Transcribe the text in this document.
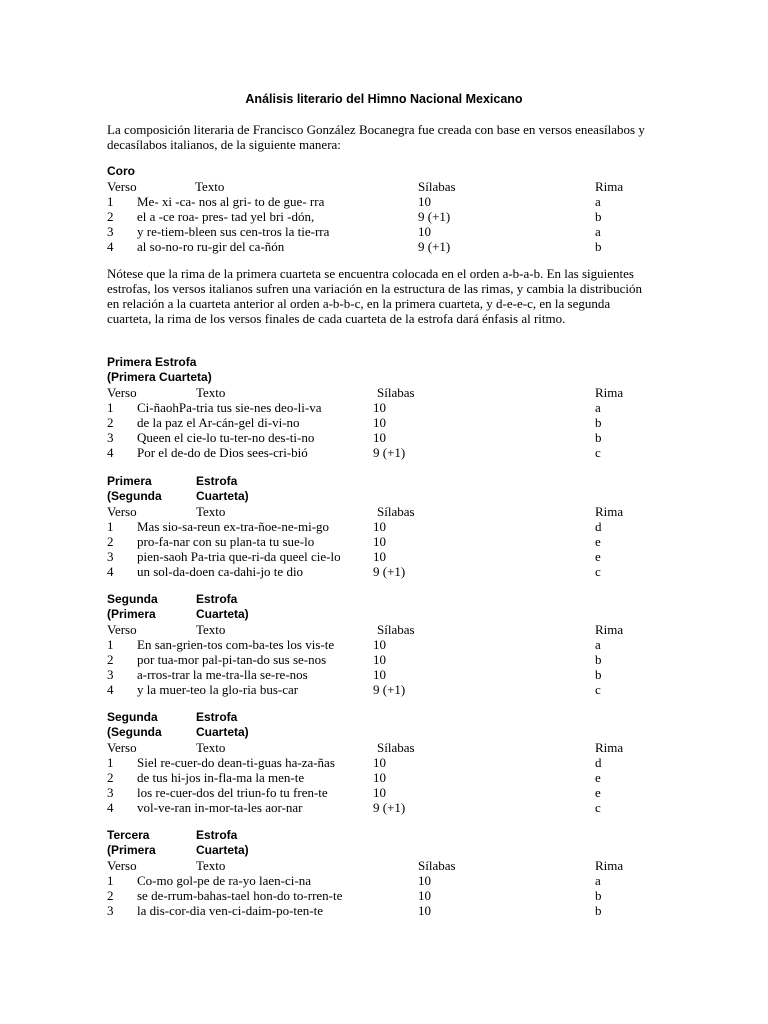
Análisis literario del Himno Nacional Mexicano

La composición literaria de Francisco González Bocanegra fue creada con base en versos eneasílabos y decasílabos italianos, de la siguiente manera:

Coro
Verso	Texto	Sílabas	Rima
1 Me- xi -ca- nos al gri- to de gue- rra	10	a
2 el a -ce roa- pres- tad yel bri -dón,	9 (+1)	b
3 y re-tiem-bleen sus cen-tros la tie-rra	10	a
4 al so-no-ro ru-gir del ca-ñón	9 (+1)	b

Nótese que la rima de la primera cuarteta se encuentra colocada en el orden a-b-a-b. En las siguientes estrofas, los versos italianos sufren una variación en la estructura de las rimas, y cambia la distribución en relación a la cuarteta anterior al orden a-b-b-c, en la primera cuarteta, y d-e-e-c, en la segunda cuarteta, la rima de los versos finales de cada cuarteta de la estrofa dará énfasis al ritmo.

Primera Estrofa
(Primera Cuarteta)
Verso	Texto	Sílabas	Rima
1 Ci-ñaohPa-tria tus sie-nes deo-li-va	10	a
2 de la paz el Ar-cán-gel di-vi-no	10	b
3 Queen el cie-lo tu-ter-no des-ti-no	10	b
4 Por el de-do de Dios sees-cri-bió	9 (+1)	c
Primera	Estrofa
(Segunda	Cuarteta)
Verso	Texto	Sílabas	Rima
1 Mas sio-sa-reun ex-tra-ñoe-ne-mi-go	10	d
2 pro-fa-nar con su plan-ta tu sue-lo	10	e
3 pien-saoh Pa-tria que-ri-da queel cie-lo 10	e
4 un sol-da-doen ca-dahi-jo te dio	9 (+1)	c
Segunda	Estrofa
(Primera	Cuarteta)
Verso	Texto	Sílabas	Rima
1 En san-grien-tos com-ba-tes los vis-te	10	a
2 por tua-mor pal-pi-tan-do sus se-nos	10	b
3 a-rros-trar la me-tra-lla se-re-nos	10	b
4 y la muer-teo la glo-ria bus-car	9 (+1)	c
Segunda	Estrofa
(Segunda	Cuarteta)
Verso	Texto	Sílabas	Rima
1 Siel re-cuer-do dean-ti-guas ha-za-ñas	10	d
2 de tus hi-jos in-fla-ma la men-te	10	e
3 los re-cuer-dos del triun-fo tu fren-te	10	e
4 vol-ve-ran in-mor-ta-les aor-nar	9 (+1)	c
Tercera	Estrofa
(Primera	Cuarteta)
Verso	Texto	Sílabas	Rima
1 Co-mo gol-pe de ra-yo laen-ci-na	10	a
2 se de-rrum-bahas-tael hon-do to-rren-te	10	b
3 la dis-cor-dia ven-ci-daim-po-ten-te	10	b
